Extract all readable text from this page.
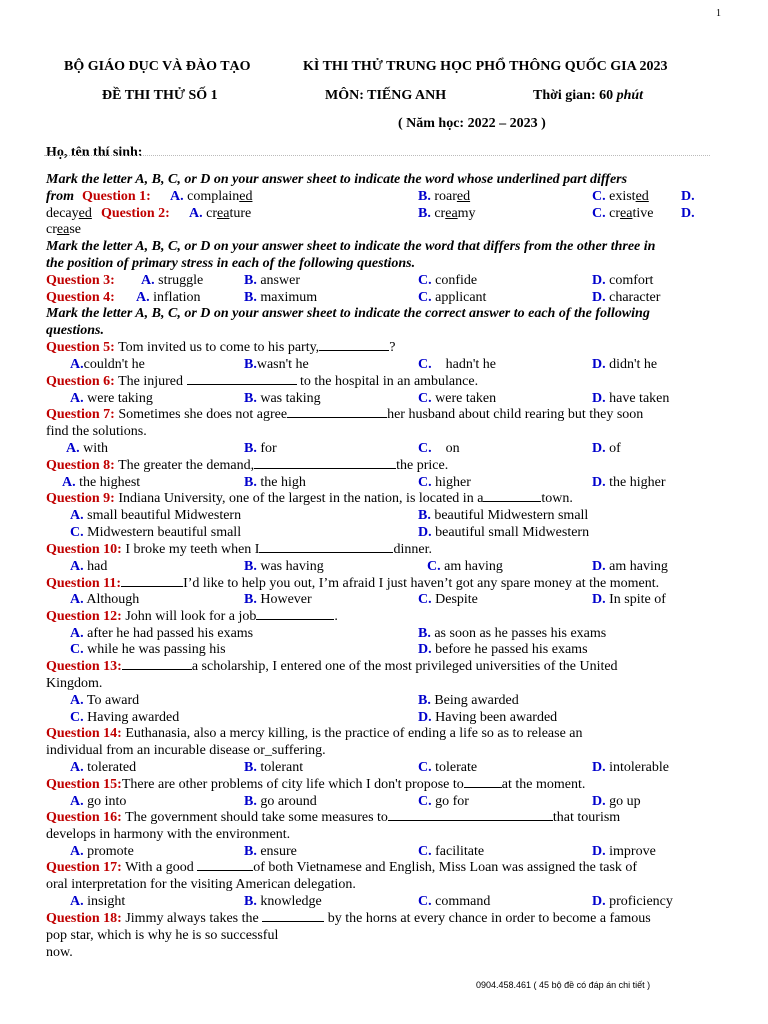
1
BỘ GIÁO DỤC VÀ ĐÀO TẠO	KÌ THI THỬ TRUNG HỌC PHỔ THÔNG QUỐC GIA 2023
ĐỀ THI THỬ SỐ 1	MÔN: TIẾNG ANH	Thời gian: 60 phút
( Năm học: 2022 – 2023 )
Họ, tên thí sinh:
Mark the letter A, B, C, or D on your answer sheet to indicate the word whose underlined part differs
from Question 1: A. complained	B. roared	C. existed D.
decayed Question 2: A. creature	B. creamy	C. creative D.
crease
Mark the letter A, B, C, or D on your answer sheet to indicate the word that differs from the other three in
the position of primary stress in each of the following questions.
Question 3: A. struggle	B. answer	C. confide	D. comfort
Question 4: A. inflation	B. maximum	C. applicant	D. character
Mark the letter A, B, C, or D on your answer sheet to indicate the correct answer to each of the following
questions.
Question 5: Tom invited us to come to his party,	?
A.couldn't he	B.wasn't he	C. hadn't he	D. didn't he
Question 6: The injured	to the hospital in an ambulance.
A. were taking	B. was taking	C. were taken	D. have taken
Question 7: Sometimes she does not agree	her husband about child rearing but they soon
find the solutions.
A. with	B. for	C. on	D. of
Question 8: The greater the demand,	the price.
A. the highest	B. the high	C. higher	D. the higher
Question 9: Indiana University, one of the largest in the nation, is located in a	town.
A. small beautiful Midwestern	B. beautiful Midwestern small
C. Midwestern beautiful small	D. beautiful small Midwestern
Question 10: I broke my teeth when I	dinner.
A. had	B. was having	C. am having	D. am having
Question 11:	I’d like to help you out, I’m afraid I just haven’t got any spare money at the moment.
A. Although	B. However	C. Despite	D. In spite of
Question 12: John will look for a job	.
A. after he had passed his exams	B. as soon as he passes his exams
C. while he was passing his	D. before he passed his exams
Question 13:	a scholarship, I entered one of the most privileged universities of the United
Kingdom.
A. To award	B. Being awarded
C. Having awarded	D. Having been awarded
Question 14: Euthanasia, also a mercy killing, is the practice of ending a life so as to release an
individual from an incurable disease or_suffering.
A. tolerated	B. tolerant	C. tolerate	D. intolerable
Question 15:There are other problems of city life which I don't propose to	at the moment.
A. go into	B. go around	C. go for	D. go up
Question 16: The government should take some measures to	that tourism
develops in harmony with the environment.
A. promote	B. ensure	C. facilitate	D. improve
Question 17: With a good	of both Vietnamese and English, Miss Loan was assigned the task of
oral interpretation for the visiting American delegation.
A. insight	B. knowledge	C. command	D. proficiency
Question 18: Jimmy always takes the	by the horns at every chance in order to become a famous
pop star, which is why he is so successful
now.
0904.458.461 ( 45 bộ đề có đáp án chi tiết )
